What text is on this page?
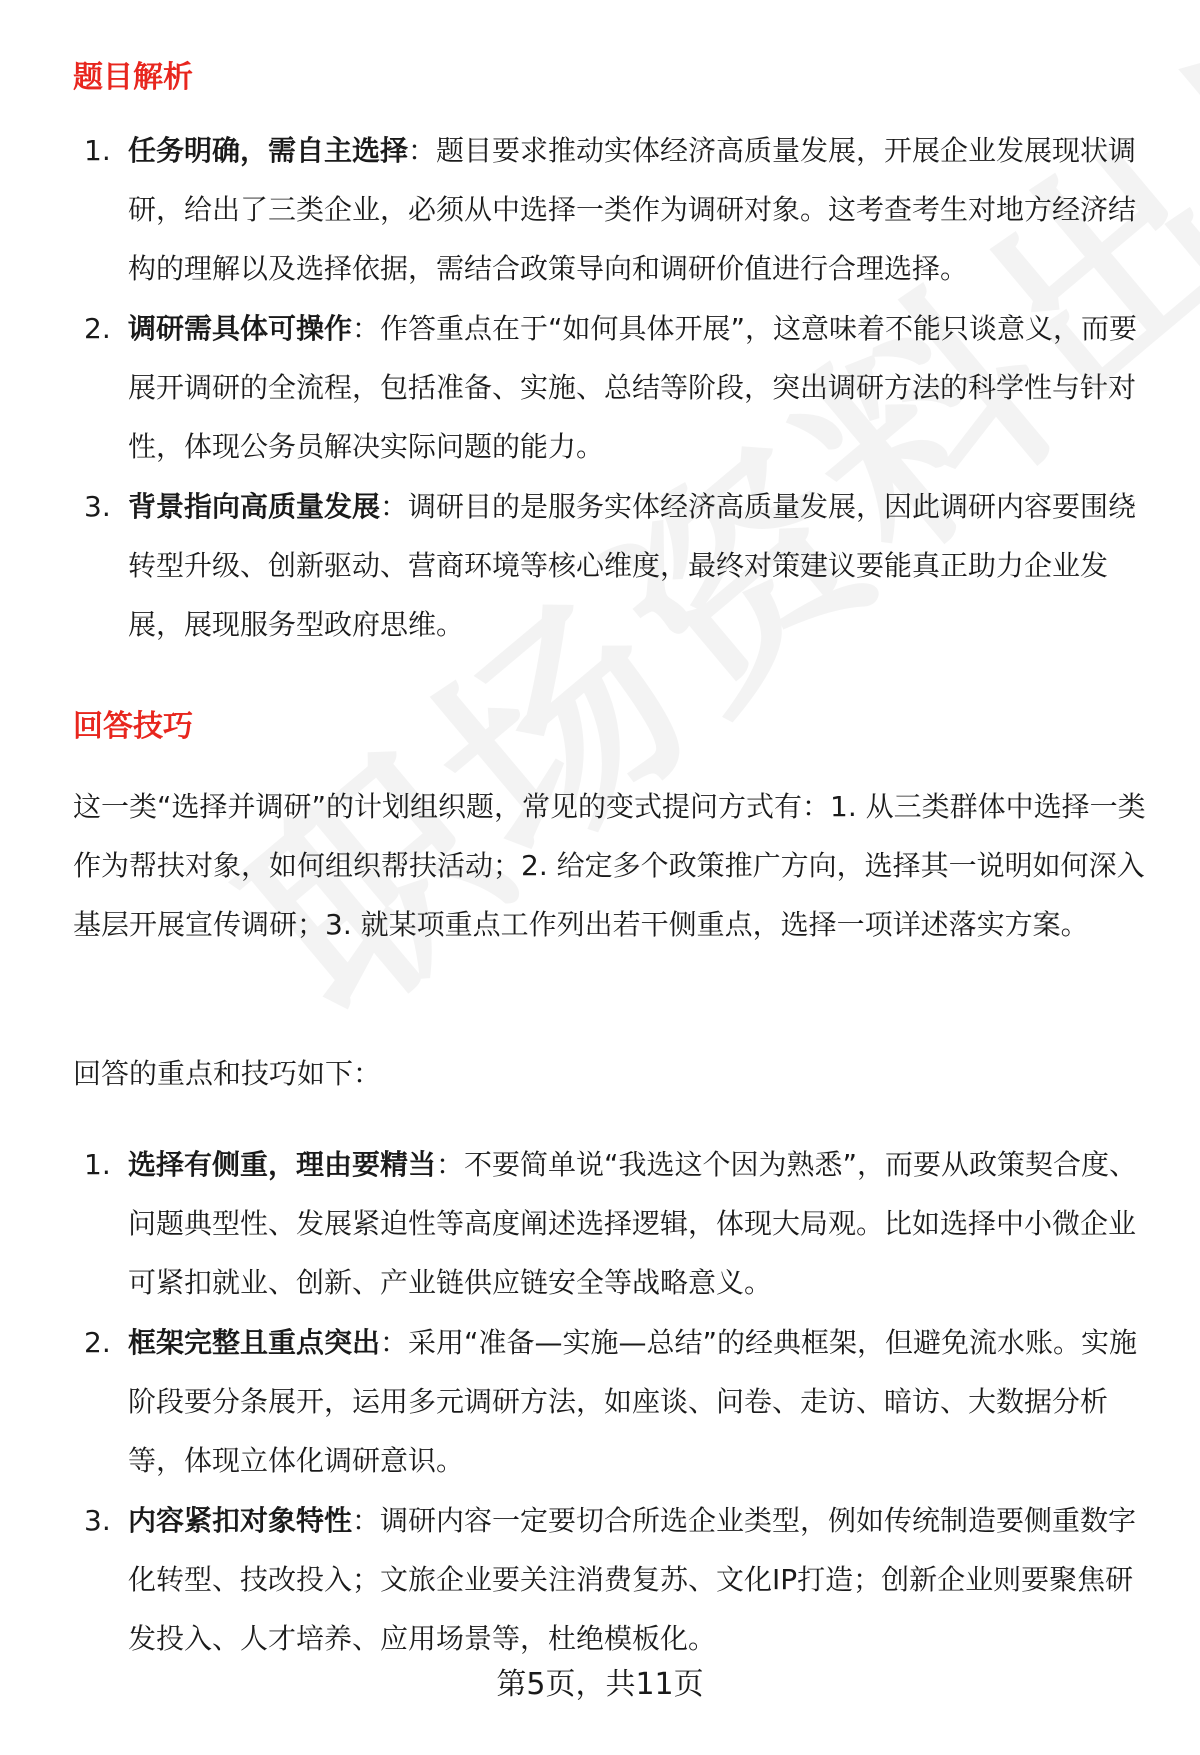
题目解析
1. 任务明确，需自主选择：题目要求推动实体经济高质量发展，开展企业发展现状调研，给出了三类企业，必须从中选择一类作为调研对象。这考查考生对地方经济结构的理解以及选择依据，需结合政策导向和调研价值进行合理选择。
2. 调研需具体可操作：作答重点在于“如何具体开展”，这意味着不能只谈意义，而要展开调研的全流程，包括准备、实施、总结等阶段，突出调研方法的科学性与针对性，体现公务员解决实际问题的能力。
3. 背景指向高质量发展：调研目的是服务实体经济高质量发展，因此调研内容要围绕转型升级、创新驱动、营商环境等核心维度，最终对策建议要能真正助力企业发展，展现服务型政府思维。
回答技巧

这一类“选择并调研”的计划组织题，常见的变式提问方式有：1. 从三类群体中选择一类作为帮扶对象，如何组织帮扶活动；2. 给定多个政策推广方向，选择其一说明如何深入基层开展宣传调研；3. 就某项重点工作列出若干侧重点，选择一项详述落实方案。

回答的重点和技巧如下：

1. 选择有侧重，理由要精当：不要简单说“我选这个因为熟悉”，而要从政策契合度、问题典型性、发展紧迫性等高度阐述选择逻辑，体现大局观。比如选择中小微企业可紧扣就业、创新、产业链供应链安全等战略意义。
2. 框架完整且重点突出：采用“准备—实施—总结”的经典框架，但避免流水账。实施阶段要分条展开，运用多元调研方法，如座谈、问卷、走访、暗访、大数据分析等，体现立体化调研意识。
3. 内容紧扣对象特性：调研内容一定要切合所选企业类型，例如传统制造要侧重数字化转型、技改投入；文旅企业要关注消费复苏、文化IP打造；创新企业则要聚焦研发投入、人才培养、应用场景等，杜绝模板化。
第5页，共11页
